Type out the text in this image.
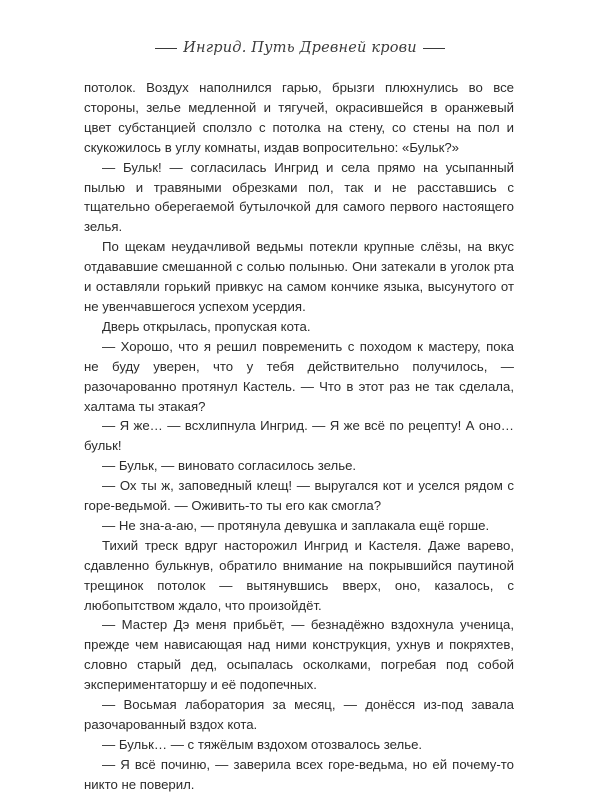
Ингрид. Путь Древней крови

потолок. Воздух наполнился гарью, брызги плюхнулись во все стороны, зелье медленной и тягучей, окрасившейся в оранжевый цвет субстанцией сползло с потолка на стену, со стены на пол и скукожилось в углу комнаты, издав вопросительно: «Бульк?»

— Бульк! — согласилась Ингрид и села прямо на усыпанный пылью и травяными обрезками пол, так и не расставшись с тщательно оберегаемой бутылочкой для самого первого настоящего зелья.

По щекам неудачливой ведьмы потекли крупные слёзы, на вкус отдававшие смешанной с солью полынью. Они затекали в уголок рта и оставляли горький привкус на самом кончике языка, высунутого от не увенчавшегося успехом усердия.

Дверь открылась, пропуская кота.

— Хорошо, что я решил повременить с походом к мастеру, пока не буду уверен, что у тебя действительно получилось, — разочарованно протянул Кастель. — Что в этот раз не так сделала, халтама ты этакая?

— Я же… — всхлипнула Ингрид. — Я же всё по рецепту! А оно… бульк!

— Бульк, — виновато согласилось зелье.

— Ох ты ж, заповедный клещ! — выругался кот и уселся рядом с горе-ведьмой. — Оживить-то ты его как смогла?

— Не зна-а-аю, — протянула девушка и заплакала ещё горше.

Тихий треск вдруг насторожил Ингрид и Кастеля. Даже варево, сдавленно булькнув, обратило внимание на покрывшийся паутиной трещинок потолок — вытянувшись вверх, оно, казалось, с любопытством ждало, что произойдёт.

— Мастер Дэ меня прибьёт, — безнадёжно вздохнула ученица, прежде чем нависающая над ними конструкция, ухнув и покряхтев, словно старый дед, осыпалась осколками, погребая под собой экспериментаторшу и её подопечных.

— Восьмая лаборатория за месяц, — донёсся из-под завала разочарованный вздох кота.

— Бульк… — с тяжёлым вздохом отозвалось зелье.

— Я всё починю, — заверила всех горе-ведьма, но ей почему-то никто не поверил.
